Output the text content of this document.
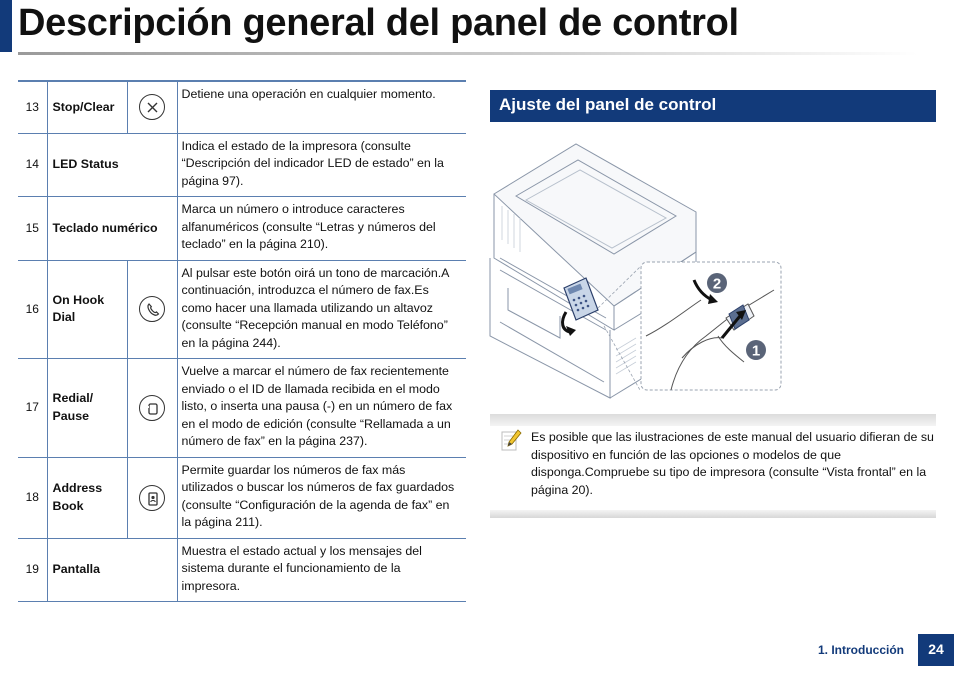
Descripción general del panel de control
13	Stop/Clear		Detiene una operación en cualquier momento.
14	LED Status		Indica el estado de la impresora (consulte “Descripción del indicador LED de estado” en la página 97).
15	Teclado numérico		Marca un número o introduce caracteres alfanuméricos (consulte “Letras y números del teclado” en la página 210).
16	On Hook Dial		Al pulsar este botón oirá un tono de marcación.A continuación, introduzca el número de fax.Es como hacer una llamada utilizando un altavoz (consulte “Recepción manual en modo Teléfono” en la página 244).
17	Redial/ Pause		Vuelve a marcar el número de fax recientemente enviado o el ID de llamada recibida en el modo listo, o inserta una pausa (-) en un número de fax en el modo de edición (consulte “Rellamada a un número de fax” en la página 237).
18	Address Book		Permite guardar los números de fax más utilizados o buscar los números de fax guardados (consulte “Configuración de la agenda de fax” en la página 211).
19	Pantalla		Muestra el estado actual y los mensajes del sistema durante el funcionamiento de la impresora.
Ajuste del panel de control
2
1
Es posible que las ilustraciones de este manual del usuario difieran de su dispositivo en función de las opciones o modelos de que disponga.Compruebe su tipo de impresora (consulte “Vista frontal” en la página 20).
1. Introducción	24
